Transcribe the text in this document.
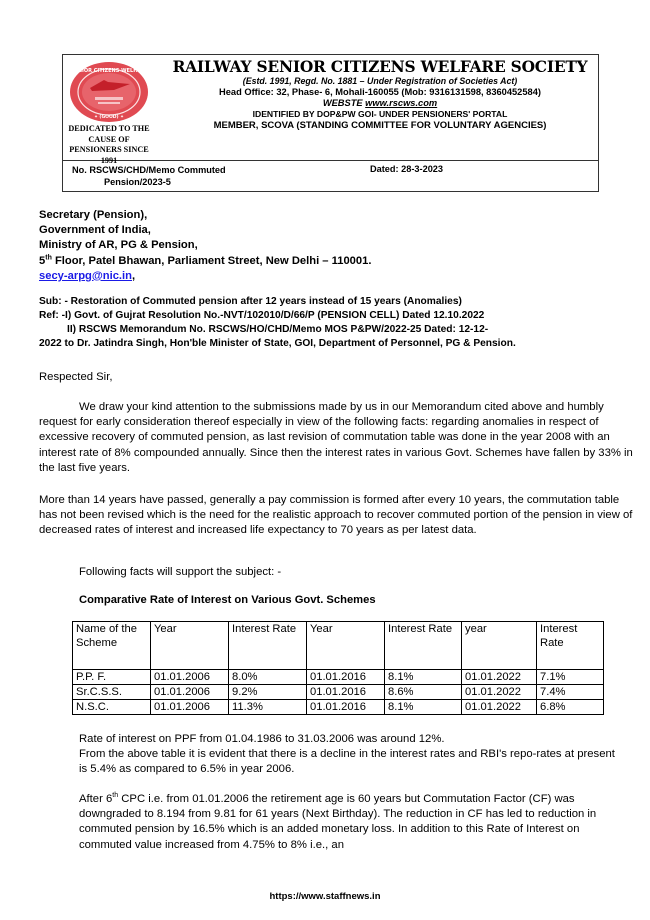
SENIOR CITIZENS WELFARE
✦ (GOOD) ✦
DEDICATED TO THE
CAUSE OF
PENSIONERS SINCE
1991
RAILWAY SENIOR CITIZENS WELFARE SOCIETY
(Estd. 1991, Regd. No. 1881 – Under Registration of Societies Act)
Head Office: 32, Phase- 6, Mohali-160055 (Mob: 9316131598, 8360452584)
WEBSTE www.rscws.com
IDENTIFIED BY DOP&PW GOI- UNDER PENSIONERS' PORTAL
MEMBER, SCOVA (STANDING COMMITTEE FOR VOLUNTARY AGENCIES)
No. RSCWS/CHD/Memo Commuted
Pension/2023-5
Dated: 28-3-2023
Secretary (Pension),
Government of India,
Ministry of AR, PG & Pension,
5th Floor, Patel Bhawan, Parliament Street, New Delhi – 110001.
secy-arpg@nic.in,
Sub: - Restoration of Commuted pension after 12 years instead of 15 years (Anomalies)
Ref: -I) Govt. of Gujrat Resolution No.-NVT/102010/D/66/P (PENSION CELL) Dated 12.10.2022
II) RSCWS Memorandum No. RSCWS/HO/CHD/Memo MOS P&PW/2022-25 Dated: 12-12-
2022 to Dr. Jatindra Singh, Hon'ble Minister of State, GOI, Department of Personnel, PG & Pension.
Respected Sir,

We draw your kind attention to the submissions made by us in our Memorandum cited above and humbly request for early consideration thereof especially in view of the following facts: regarding anomalies in respect of excessive recovery of commuted pension, as last revision of commutation table was done in the year 2008 with an interest rate of 8% compounded annually. Since then the interest rates in various Govt. Schemes have fallen by 33% in the last five years.

More than 14 years have passed, generally a pay commission is formed after every 10 years, the commutation table has not been revised which is the need for the realistic approach to recover commuted portion of the pension in view of decreased rates of interest and increased life expectancy to 70 years as per latest data.

Following facts will support the subject: -
Comparative Rate of Interest on Various Govt. Schemes
Name of the Scheme	Year	Interest Rate	Year	Interest Rate	year	Interest Rate
P.P. F.	01.01.2006	8.0%	01.01.2016	8.1%	01.01.2022	7.1%
Sr.C.S.S.	01.01.2006	9.2%	01.01.2016	8.6%	01.01.2022	7.4%
N.S.C.	01.01.2006	11.3%	01.01.2016	8.1%	01.01.2022	6.8%

Rate of interest on PPF from 01.04.1986 to 31.03.2006 was around 12%.

From the above table it is evident that there is a decline in the interest rates and RBI's repo-rates at present is 5.4% as compared to 6.5% in year 2006.

After 6th CPC i.e. from 01.01.2006 the retirement age is 60 years but Commutation Factor (CF) was downgraded to 8.194 from 9.81 for 61 years (Next Birthday). The reduction in CF has led to reduction in commuted pension by 16.5% which is an added monetary loss. In addition to this Rate of Interest on commuted value increased from 4.75% to 8% i.e., an

https://www.staffnews.in
